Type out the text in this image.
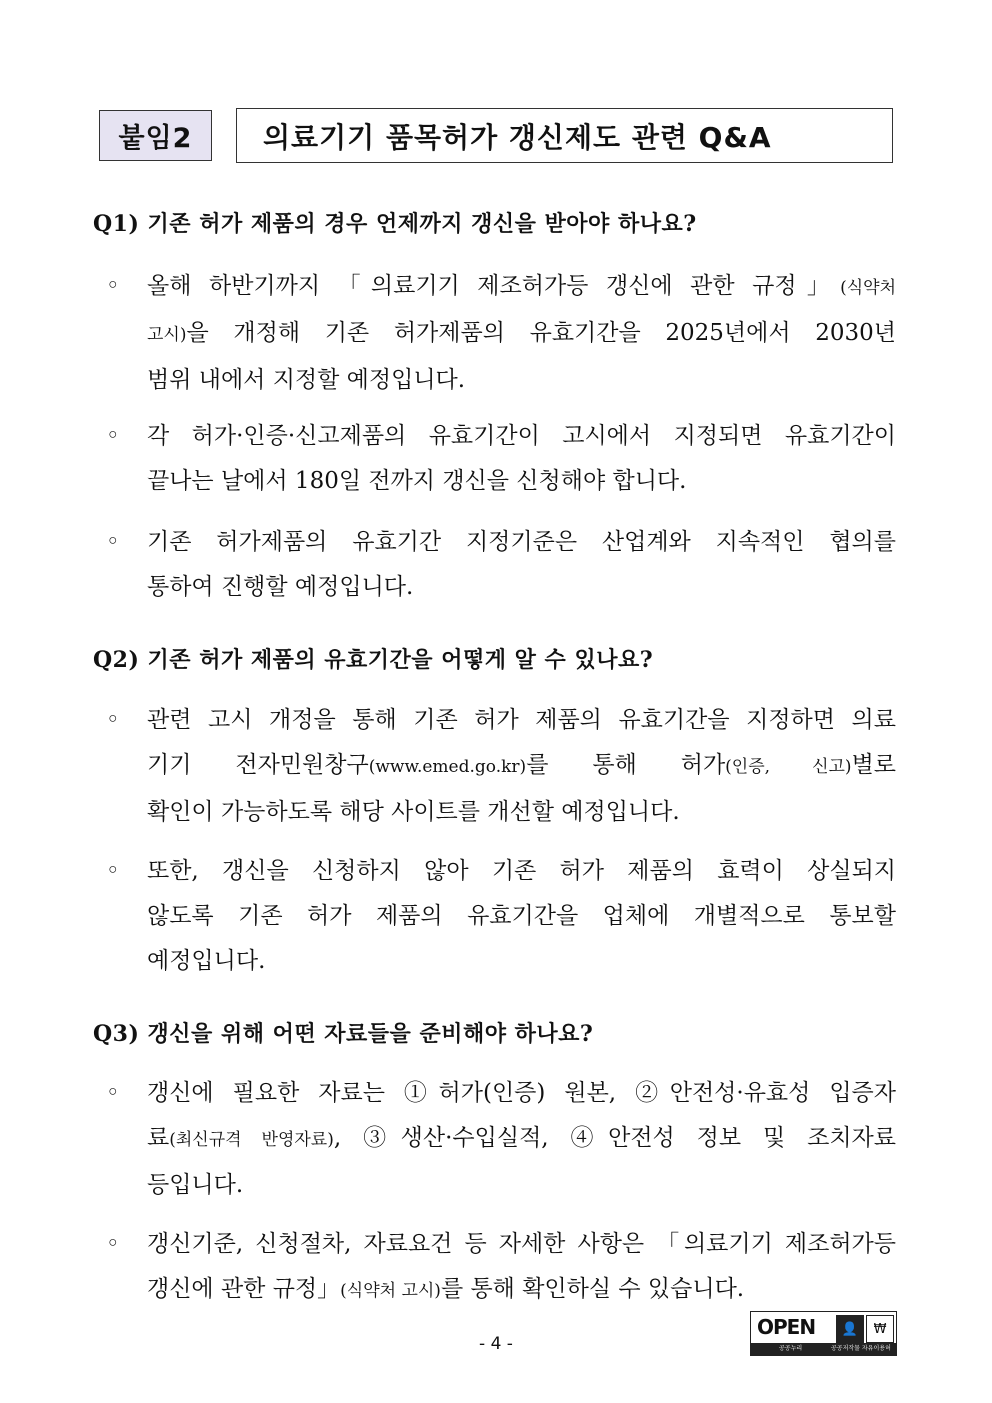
붙임2	의료기기 품목허가 갱신제도 관련 Q&A
Q1) 기존 허가 제품의 경우 언제까지 갱신을 받아야 하나요?
◦ 올해 하반기까지 「의료기기 제조허가등 갱신에 관한 규정」(식약처
고시)을 개정해 기존 허가제품의 유효기간을 2025년에서 2030년
범위 내에서 지정할 예정입니다.
◦ 각 허가·인증·신고제품의 유효기간이 고시에서 지정되면 유효기간이
끝나는 날에서 180일 전까지 갱신을 신청해야 합니다.
◦ 기존 허가제품의 유효기간 지정기준은 산업계와 지속적인 협의를
통하여 진행할 예정입니다.
Q2) 기존 허가 제품의 유효기간을 어떻게 알 수 있나요?
◦ 관련 고시 개정을 통해 기존 허가 제품의 유효기간을 지정하면 의료
기기 전자민원창구(www.emed.go.kr)를 통해 허가(인증, 신고)별로
확인이 가능하도록 해당 사이트를 개선할 예정입니다.
◦ 또한, 갱신을 신청하지 않아 기존 허가 제품의 효력이 상실되지
않도록 기존 허가 제품의 유효기간을 업체에 개별적으로 통보할
예정입니다.
Q3) 갱신을 위해 어떤 자료들을 준비해야 하나요?
◦ 갱신에 필요한 자료는 ①허가(인증) 원본, ②안전성·유효성 입증자
료(최신규격 반영자료), ③생산·수입실적, ④안전성 정보 및 조치자료
등입니다.
◦ 갱신기준, 신청절차, 자료요건 등 자세한 사항은 「의료기기 제조허가등
갱신에 관한 규정」(식약처 고시)를 통해 확인하실 수 있습니다.
- 4 -
OPEN	👤	₩
공공누리	공공저작물 자유이용허락
